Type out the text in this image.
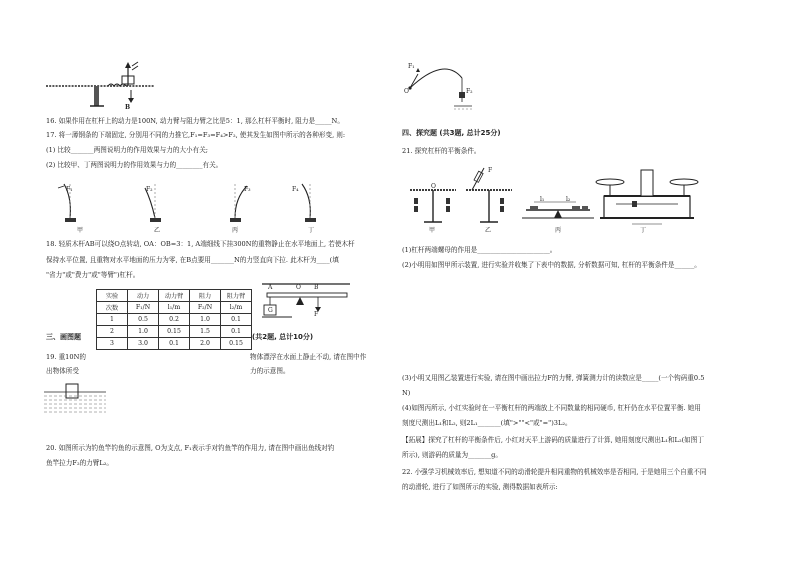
B
16. 如果作用在杠杆上的动力是100N, 动力臂与阻力臂之比是5：1, 那么杠杆平衡时, 阻力是_____N。
17. 将一薄钢条的下端固定, 分别用不同的力推它,F₁=F₃=F₄>F₂, 使其发生如图中所示的各种形变, 则:
(1) 比较_______两图说明力的作用效果与力的大小有关;
(2) 比较甲、丁两图说明力的作用效果与力的________有关。
F₁	F₂	F₃	F₄
甲	乙	丙	丁
18. 轻质木杆AB可以绕O点转动, OA：OB=3：1, A端细线下挂300N的重物静止在水平地面上, 若使木杆
保持水平位置, 且重物对水平地面的压力为零, 在B点要用_______N的力竖直向下拉. 此木杆为____(填
"省力"或"费力"或"等臂")杠杆。
实验	动力	动力臂	阻力	阻力臂
次数	F₁/N	l₁/m	F₂/N	l₂/m
1	0.5	0.2	1.0	0.1
2	1.0	0.15	1.5	0.1
3	3.0	0.1	2.0	0.15
A	O B
G
F
三、画图题	(共2题, 总计10分)
19. 重10N的
出物体所受
物体漂浮在水面上静止不动, 请在图中作
力的示意图。
20. 如图所示为钓鱼竿钓鱼的示意图, O为支点, F₁表示手对钓鱼竿的作用力, 请在图中画出鱼线对钓
鱼竿拉力F₂的力臂L₂。
F₁
O	F₂
四、探究题 (共3题, 总计25分)
21. 探究杠杆的平衡条件。
O
F
l₁	l₂
甲	乙	丙	丁
(1)杠杆两端螺母的作用是______________________。
(2)小明用如图甲所示装置, 进行实验并收集了下表中的数据, 分析数据可知, 杠杆的平衡条件是______。
(3)小明又用图乙装置进行实验, 请在图中画出拉力F的力臂, 弹簧测力计的读数应是_____(一个钩码重0.5
N)
(4)如图丙所示, 小红实验时在一平衡杠杆的两端放上不同数量的相同硬币, 杠杆仍在水平位置平衡. 她用
刻度尺测出L₁和L₂, 则2L₁_______(填">""<"或"=")3L₂。
【拓展】探究了杠杆的平衡条件后, 小红对天平上游码的质量进行了计算, 她用刻度尺测出L₁和L₂(如图丁
所示), 则游码的质量为_______g。
22. 小强学习机械效率后, 想知道不同的动滑轮提升相同重物的机械效率是否相同, 于是她用三个自重不同
的动滑轮, 进行了如图所示的实验, 测得数据如表所示:
